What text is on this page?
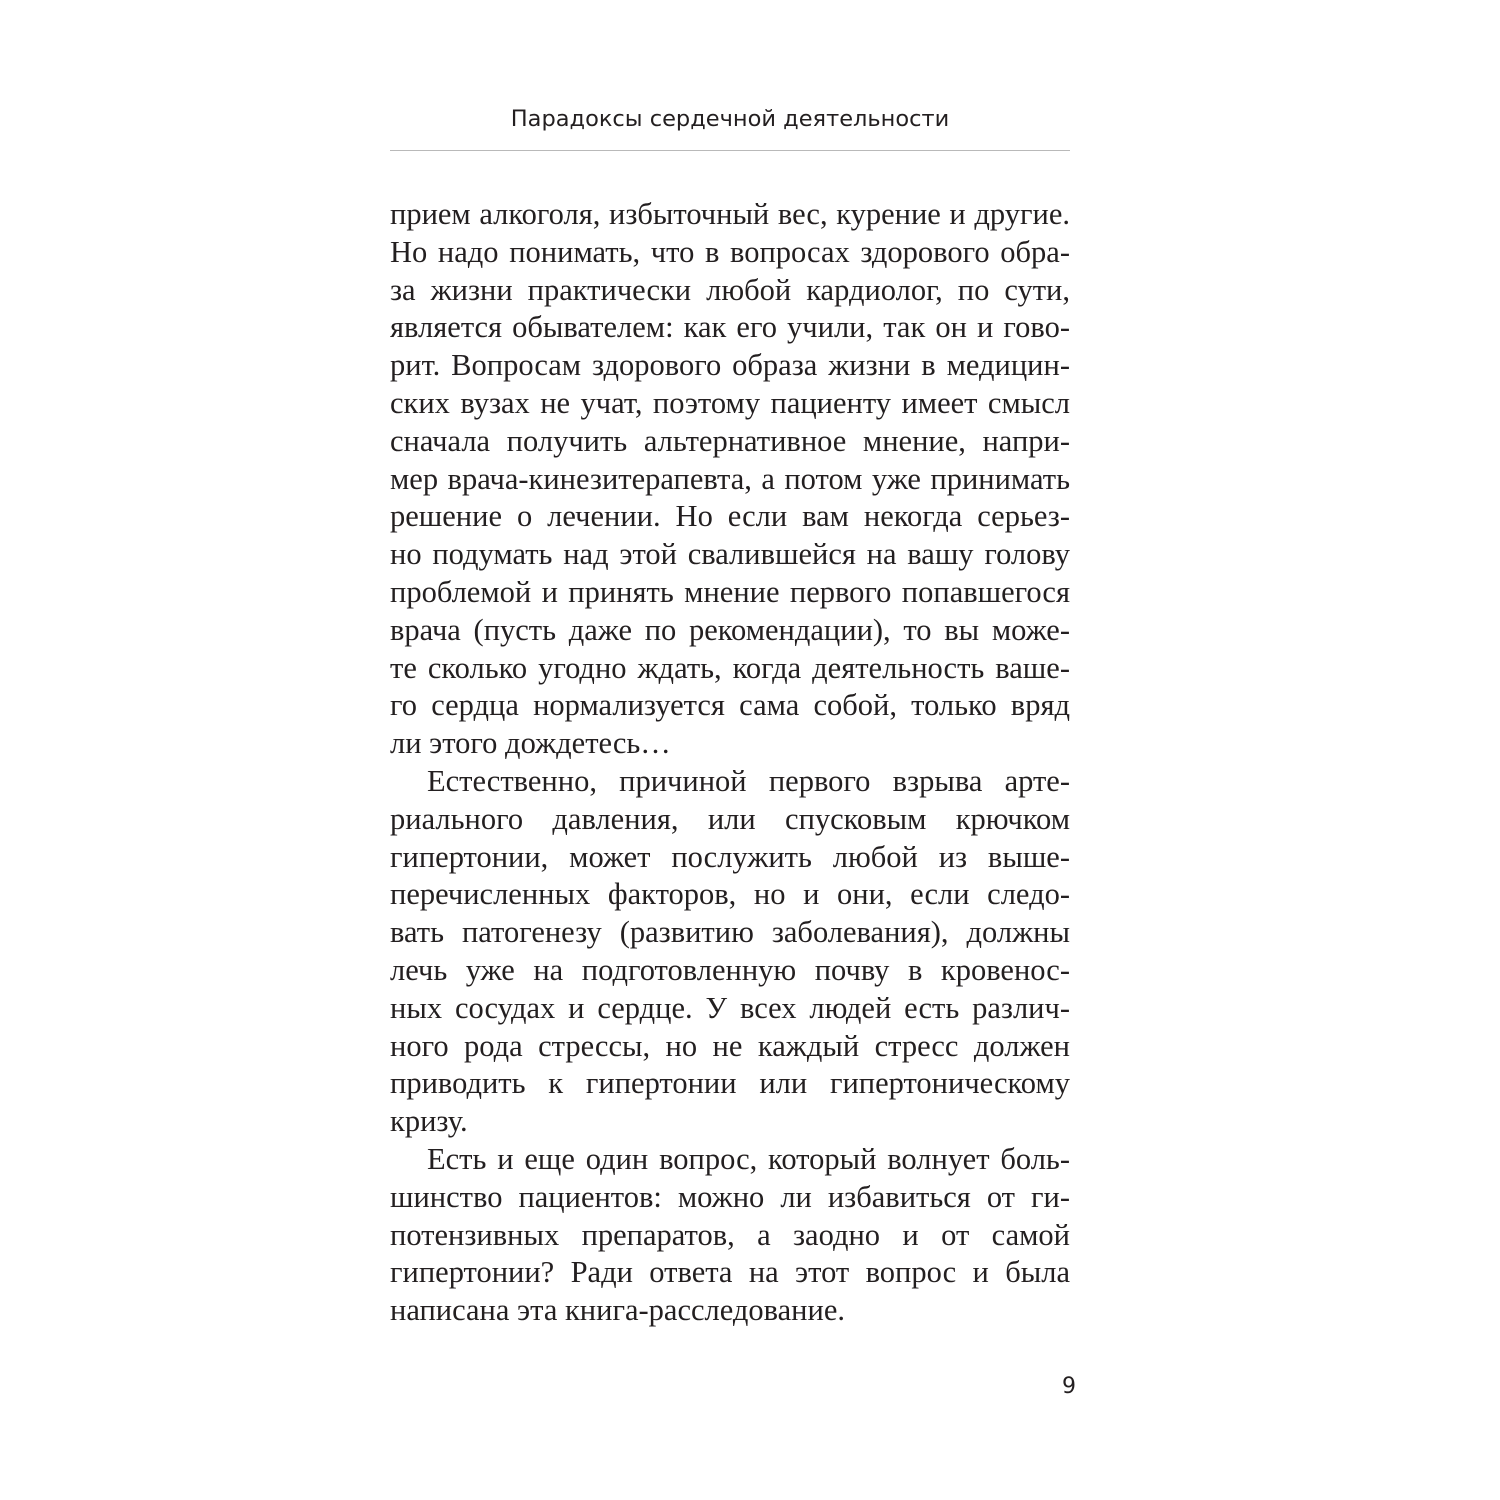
Парадоксы сердечной деятельности
прием алкоголя, избыточный вес, курение и другие.
Но надо понимать, что в вопросах здорового обра-
за жизни практически любой кардиолог, по сути,
является обывателем: как его учили, так он и гово-
рит. Вопросам здорового образа жизни в медицин-
ских вузах не учат, поэтому пациенту имеет смысл
сначала получить альтернативное мнение, напри-
мер врача-кинезитерапевта, а потом уже принимать
решение о лечении. Но если вам некогда серьез-
но подумать над этой свалившейся на вашу голову
проблемой и принять мнение первого попавшегося
врача (пусть даже по рекомендации), то вы може-
те сколько угодно ждать, когда деятельность ваше-
го сердца нормализуется сама собой, только вряд
ли этого дождетесь…
Естественно, причиной первого взрыва арте-
риального давления, или спусковым крючком
гипертонии, может послужить любой из выше-
перечисленных факторов, но и они, если следо-
вать патогенезу (развитию заболевания), должны
лечь уже на подготовленную почву в кровенос-
ных сосудах и сердце. У всех людей есть различ-
ного рода стрессы, но не каждый стресс должен
приводить к гипертонии или гипертоническому
кризу.
Есть и еще один вопрос, который волнует боль-
шинство пациентов: можно ли избавиться от ги-
потензивных препаратов, а заодно и от самой
гипертонии? Ради ответа на этот вопрос и была
написана эта книга-расследование.
9
